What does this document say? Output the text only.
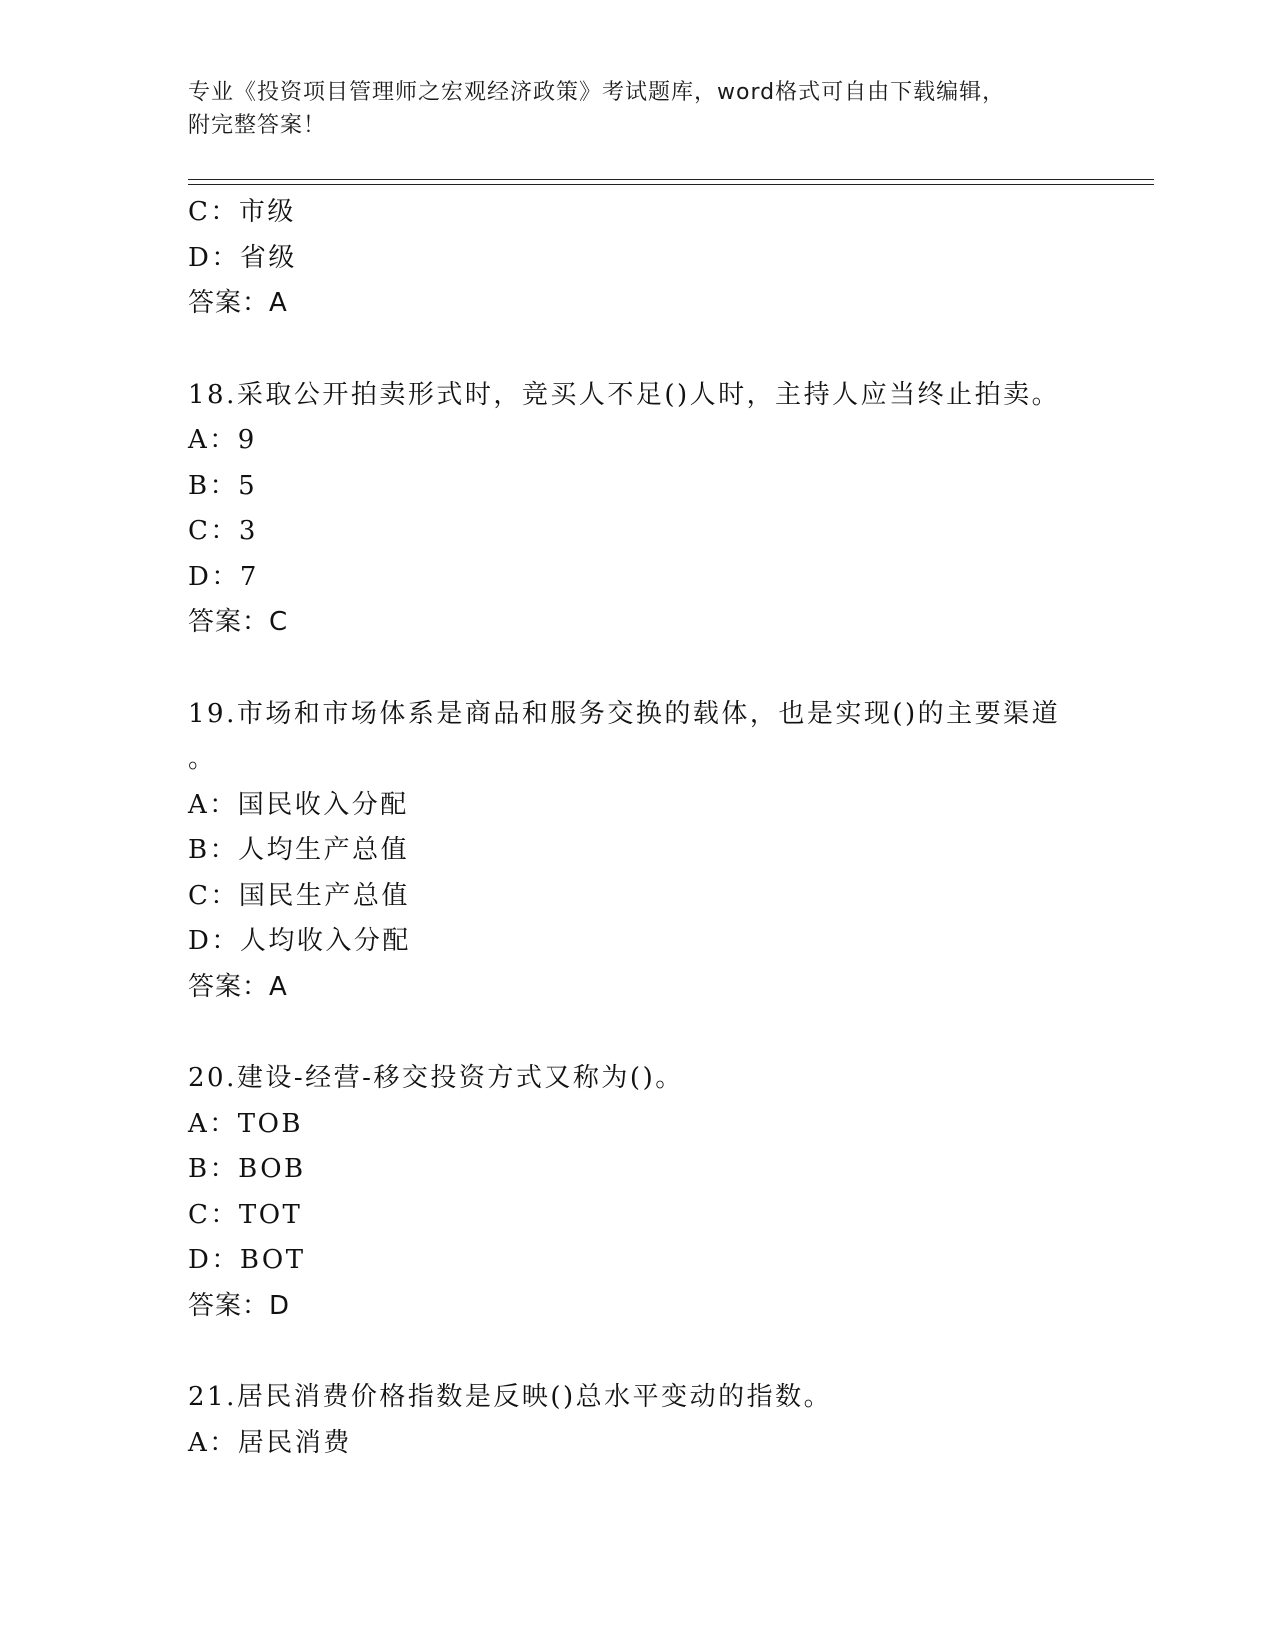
专业《投资项目管理师之宏观经济政策》考试题库，word格式可自由下载编辑，
附完整答案！
C：市级
D：省级
答案：A
18.采取公开拍卖形式时，竞买人不足()人时，主持人应当终止拍卖。
A：9
B：5
C：3
D：7
答案：C
19.市场和市场体系是商品和服务交换的载体，也是实现()的主要渠道
。
A：国民收入分配
B：人均生产总值
C：国民生产总值
D：人均收入分配
答案：A
20.建设-经营-移交投资方式又称为()。
A：TOB
B：BOB
C：TOT
D：BOT
答案：D
21.居民消费价格指数是反映()总水平变动的指数。
A：居民消费
